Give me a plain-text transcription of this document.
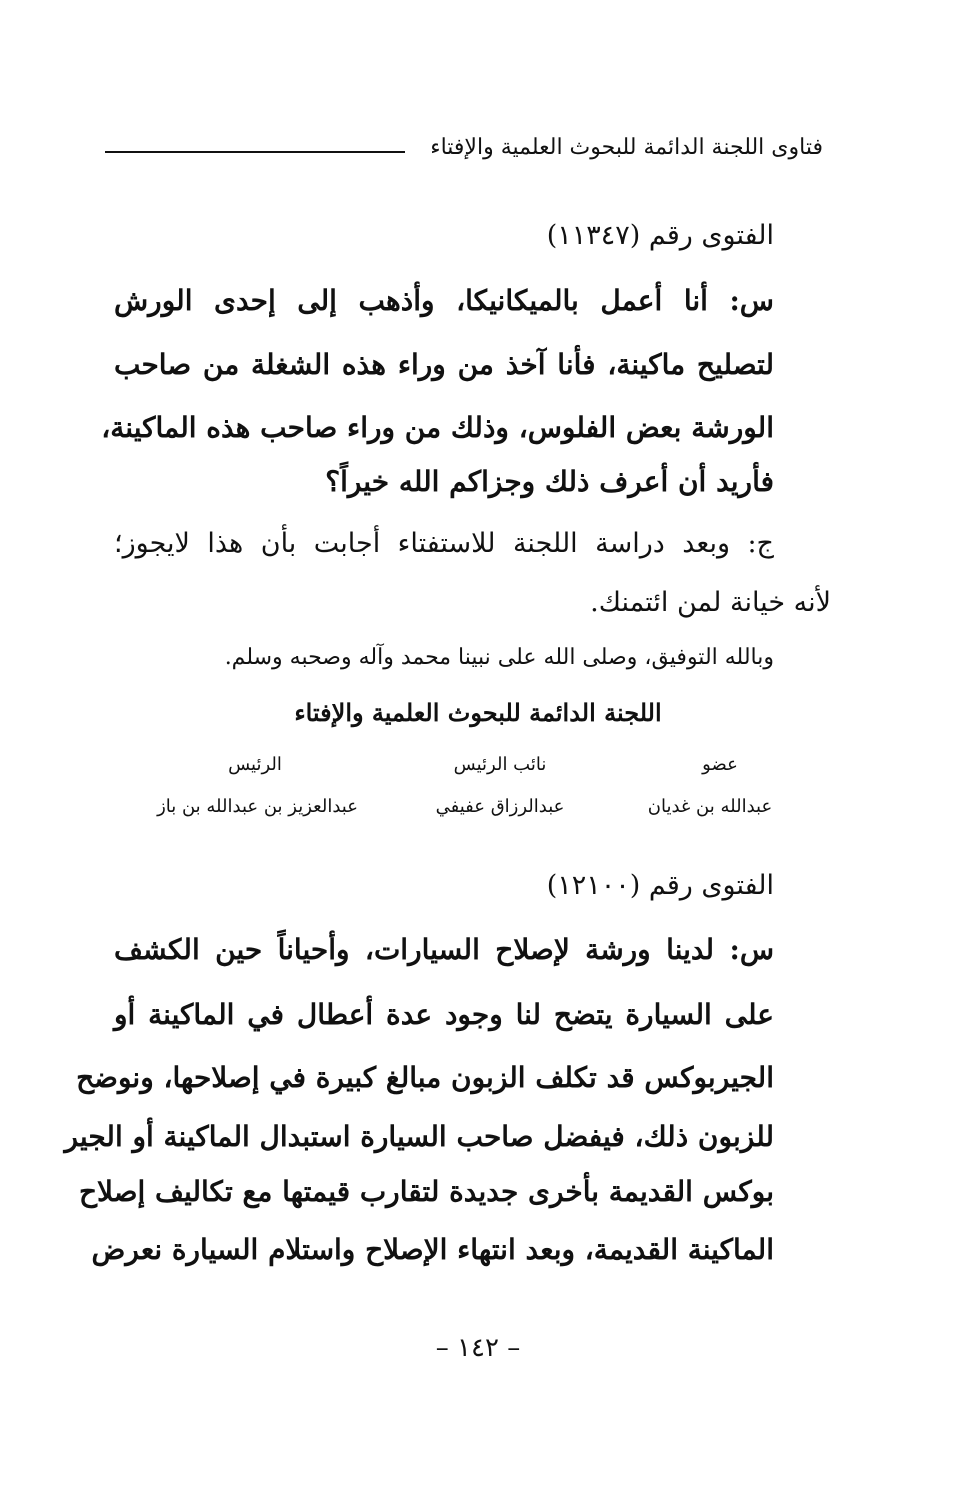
فتاوى اللجنة الدائمة للبحوث العلمية والإفتاء
الفتوى رقم (١١٣٤٧)
س: أنا أعمل بالميكانيكا، وأذهب إلى إحدى الورش
لتصليح ماكينة، فأنا آخذ من وراء هذه الشغلة من صاحب
الورشة بعض الفلوس، وذلك من وراء صاحب هذه الماكينة،
فأريد أن أعرف ذلك وجزاكم الله خيراً؟
ج: وبعد دراسة اللجنة للاستفتاء أجابت بأن هذا لايجوز؛
لأنه خيانة لمن ائتمنك.
وبالله التوفيق، وصلى الله على نبينا محمد وآله وصحبه وسلم.
اللجنة الدائمة للبحوث العلمية والإفتاء
عضو
نائب الرئيس
الرئيس
عبدالله بن غديان
عبدالرزاق عفيفي
عبدالعزيز بن عبدالله بن باز
الفتوى رقم (١٢١٠٠)
س: لدينا ورشة لإصلاح السيارات، وأحياناً حين الكشف
على السيارة يتضح لنا وجود عدة أعطال في الماكينة أو
الجيربوكس قد تكلف الزبون مبالغ كبيرة في إصلاحها، ونوضح
للزبون ذلك، فيفضل صاحب السيارة استبدال الماكينة أو الجير
بوكس القديمة بأخرى جديدة لتقارب قيمتها مع تكاليف إصلاح
الماكينة القديمة، وبعد انتهاء الإصلاح واستلام السيارة نعرض
– ١٤٢ –
